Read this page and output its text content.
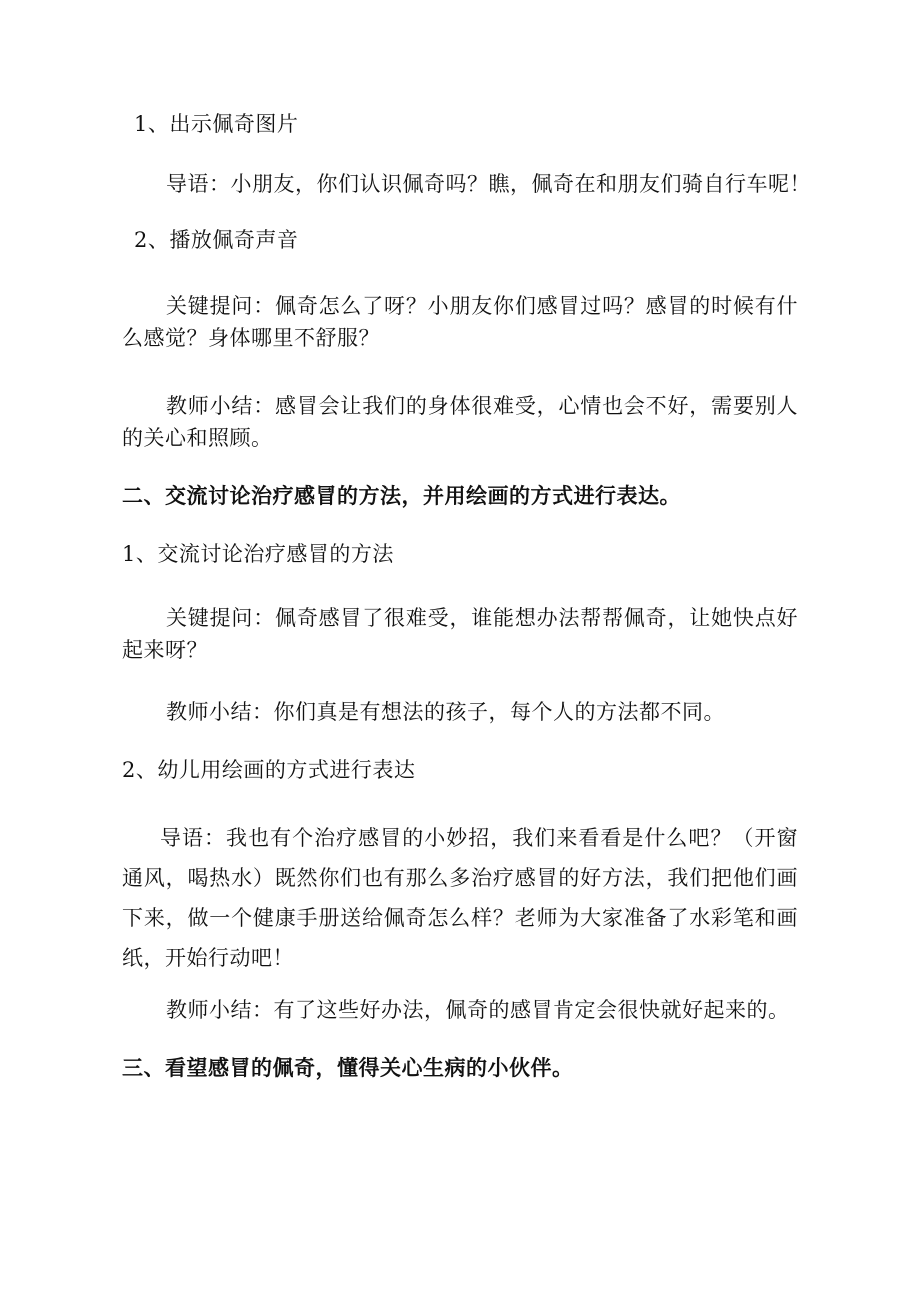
1、出示佩奇图片

导语：小朋友，你们认识佩奇吗？瞧，佩奇在和朋友们骑自行车呢！

2、播放佩奇声音

关键提问：佩奇怎么了呀？小朋友你们感冒过吗？感冒的时候有什么感觉？身体哪里不舒服？

教师小结：感冒会让我们的身体很难受，心情也会不好，需要别人的关心和照顾。

二、交流讨论治疗感冒的方法，并用绘画的方式进行表达。

1、交流讨论治疗感冒的方法

关键提问：佩奇感冒了很难受，谁能想办法帮帮佩奇，让她快点好起来呀？

教师小结：你们真是有想法的孩子，每个人的方法都不同。

2、幼儿用绘画的方式进行表达

导语：我也有个治疗感冒的小妙招，我们来看看是什么吧？（开窗通风，喝热水）既然你们也有那么多治疗感冒的好方法，我们把他们画下来，做一个健康手册送给佩奇怎么样？老师为大家准备了水彩笔和画纸，开始行动吧！

教师小结：有了这些好办法，佩奇的感冒肯定会很快就好起来的。

三、看望感冒的佩奇，懂得关心生病的小伙伴。
